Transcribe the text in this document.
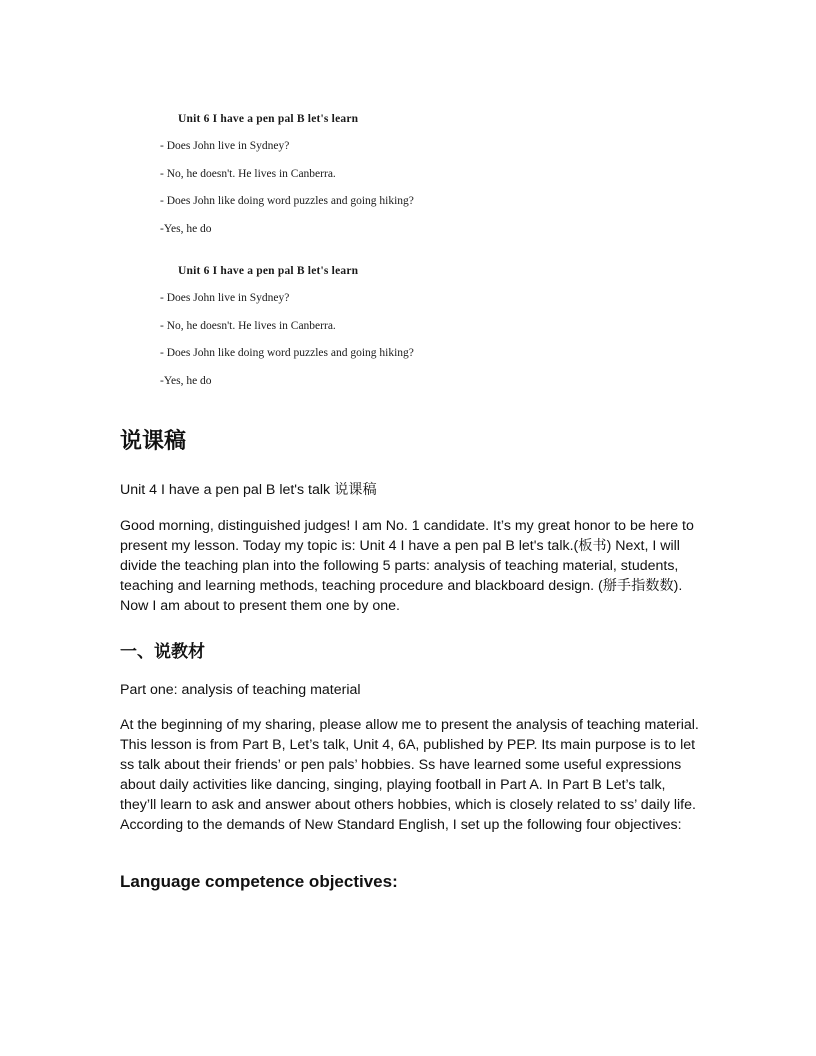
Unit 6 I have a pen pal B let's learn
- Does John live in Sydney?
- No, he doesn't. He lives in Canberra.
- Does John like doing word puzzles and going hiking?
-Yes, he do
Unit 6 I have a pen pal B let's learn
- Does John live in Sydney?
- No, he doesn't. He lives in Canberra.
- Does John like doing word puzzles and going hiking?
-Yes, he do
说课稿
Unit 4 I have a pen pal B let's talk 说课稿
Good morning, distinguished judges! I am No. 1 candidate. It’s my great honor to be here to present my lesson. Today my topic is: Unit 4 I have a pen pal B let's talk.(板书) Next, I will divide the teaching plan into the following 5 parts: analysis of teaching material, students, teaching and learning methods, teaching procedure and blackboard design. (掰手指数数). Now I am about to present them one by one.
一、说教材
Part one: analysis of teaching material
At the beginning of my sharing, please allow me to present the analysis of teaching material. This lesson is from Part B, Let’s talk, Unit 4, 6A, published by PEP. Its main purpose is to let ss talk about their friends’ or pen pals’ hobbies. Ss have learned some useful expressions about daily activities like dancing, singing, playing football in Part A. In Part B Let’s talk, they’ll learn to ask and answer about others hobbies, which is closely related to ss’ daily life. According to the demands of New Standard English, I set up the following four objectives:
Language competence objectives:
